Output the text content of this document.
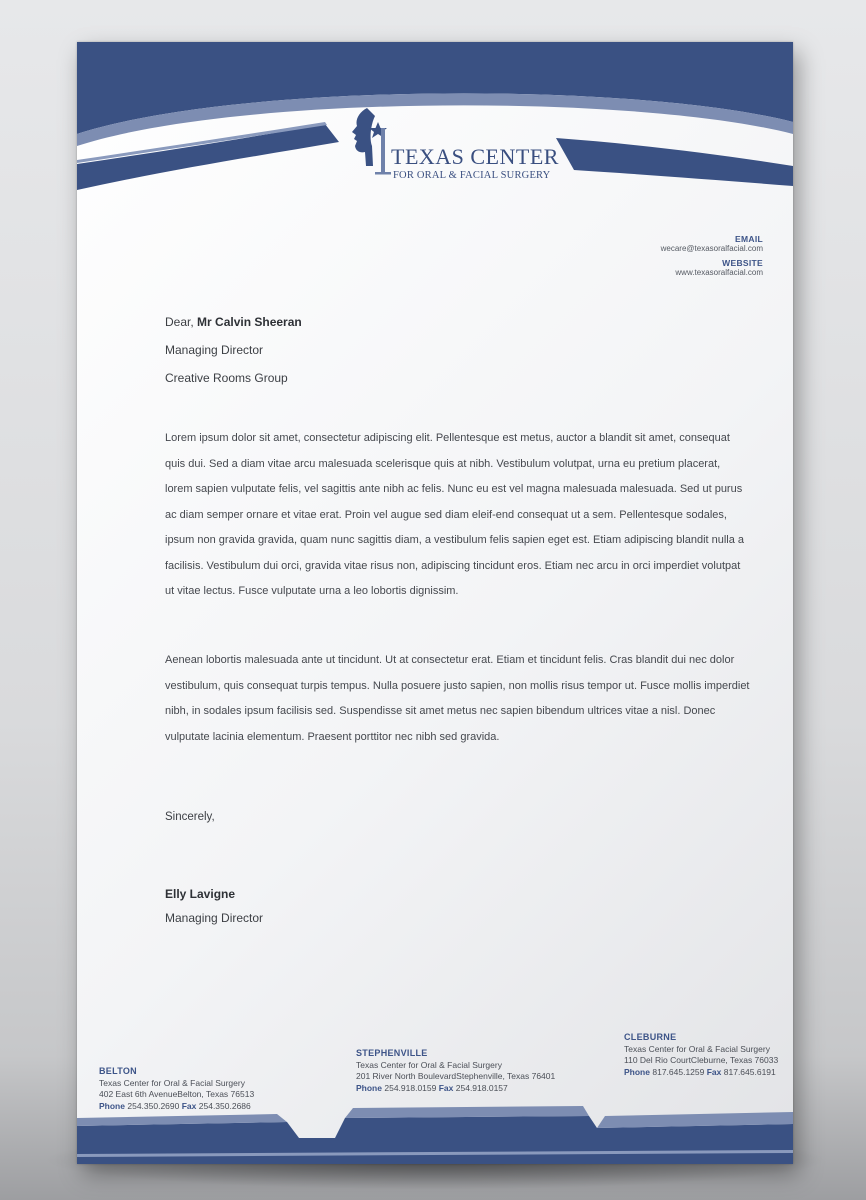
TEXAS CENTER
FOR ORAL & FACIAL SURGERY
EMAIL
wecare@texasoralfacial.com
WEBSITE
www.texasoralfacial.com
Dear, Mr Calvin Sheeran
Managing Director
Creative Rooms Group

Lorem ipsum dolor sit amet, consectetur adipiscing elit. Pellentesque est metus, auctor a blandit sit amet, consequat quis dui. Sed a diam vitae arcu malesuada scelerisque quis at nibh. Vestibulum volutpat, urna eu pretium placerat, lorem sapien vulputate felis, vel sagittis ante nibh ac felis. Nunc eu est vel magna malesuada malesuada. Sed ut purus ac diam semper ornare et vitae erat. Proin vel augue sed diam eleif-end consequat ut a sem. Pellentesque sodales, ipsum non gravida gravida, quam nunc sagittis diam, a vestibulum felis sapien eget est. Etiam adipiscing blandit nulla a facilisis. Vestibulum dui orci, gravida vitae risus non, adipiscing tincidunt eros. Etiam nec arcu in orci imperdiet volutpat ut vitae lectus. Fusce vulputate urna a leo lobortis dignissim.

Aenean lobortis malesuada ante ut tincidunt. Ut at consectetur erat. Etiam et tincidunt felis. Cras blandit dui nec dolor vestibulum, quis consequat turpis tempus. Nulla posuere justo sapien, non mollis risus tempor ut. Fusce mollis imperdiet nibh, in sodales ipsum facilisis sed. Suspendisse sit amet metus nec sapien bibendum ultrices vitae a nisl. Donec vulputate lacinia elementum. Praesent porttitor nec nibh sed gravida.

Sincerely,
Elly Lavigne
Managing Director
BELTON
Texas Center for Oral & Facial Surgery
402 East 6th AvenueBelton, Texas 76513
Phone 254.350.2690 Fax 254.350.2686
STEPHENVILLE
Texas Center for Oral & Facial Surgery
201 River North BoulevardStephenville, Texas 76401
Phone 254.918.0159 Fax 254.918.0157
CLEBURNE
Texas Center for Oral & Facial Surgery
110 Del Rio CourtCleburne, Texas 76033
Phone 817.645.1259 Fax 817.645.6191
